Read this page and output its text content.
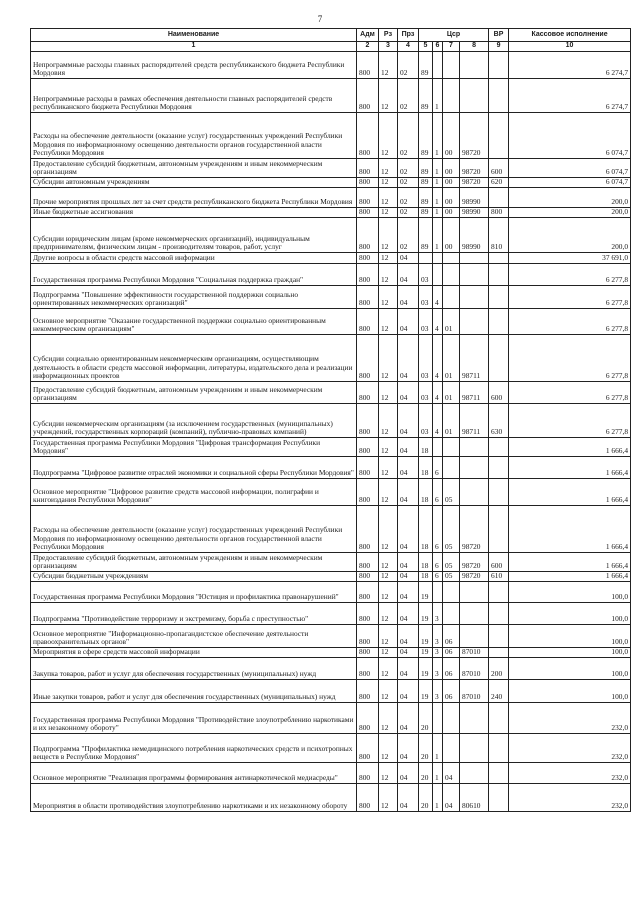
7
Наименование	Адм	Рз	Прз	Цср				ВР	Кассовое исполнение
1	2	3	4	5	6	7	8	9	10
Непрограммные расходы главных распорядителей средств республиканского бюджета Республики Мордовия	800	12	02	89					6 274,7
Непрограммные расходы в рамках обеспечения деятельности главных распорядителей средств республиканского бюджета Республики Мордовия	800	12	02	89	1				6 274,7
Расходы на обеспечение деятельности (оказание услуг) государственных учреждений Республики Мордовия по информационному освещению деятельности органов государственной власти Республики Мордовия	800	12	02	89	1	00	98720		6 074,7
Предоставление субсидий бюджетным, автономным учреждениям и иным некоммерческим организациям	800	12	02	89	1	00	98720	600	6 074,7
Субсидии автономным учреждениям	800	12	02	89	1	00	98720	620	6 074,7
Прочие мероприятия прошлых лет за счет средств республиканского бюджета Республики Мордовия	800	12	02	89	1	00	98990		200,0
Иные бюджетные ассигнования	800	12	02	89	1	00	98990	800	200,0
Субсидии юридическим лицам (кроме некоммерческих организаций), индивидуальным предпринимателям, физическим лицам - производителям товаров, работ, услуг	800	12	02	89	1	00	98990	810	200,0
Другие вопросы в области средств массовой информации	800	12	04						37 691,0
Государственная программа Республики Мордовия "Социальная поддержка граждан"	800	12	04	03					6 277,8
Подпрограмма "Повышение эффективности государственной поддержки социально ориентированных некоммерческих организаций"	800	12	04	03	4				6 277,8
Основное мероприятие "Оказание государственной поддержки социально ориентированным некоммерческим организациям"	800	12	04	03	4	01			6 277,8
Субсидии социально ориентированным некоммерческим организациям, осуществляющим деятельность в области средств массовой информации, литературы, издательского дела и реализации информационных проектов	800	12	04	03	4	01	98711		6 277,8
Предоставление субсидий бюджетным, автономным учреждениям и иным некоммерческим организациям	800	12	04	03	4	01	98711	600	6 277,8
Субсидии некоммерческим организациям (за исключением государственных (муниципальных) учреждений, государственных корпораций (компаний), публично-правовых компаний)	800	12	04	03	4	01	98711	630	6 277,8
Государственная программа Республики Мордовия "Цифровая трансформация Республики Мордовия"	800	12	04	18					1 666,4
Подпрограмма "Цифровое развитие отраслей экономики и социальной сферы Республики Мордовия"	800	12	04	18	6				1 666,4
Основное мероприятие "Цифровое развитие средств массовой информации, полиграфии и книгоиздания Республики Мордовия"	800	12	04	18	6	05			1 666,4
Расходы на обеспечение деятельности (оказание услуг) государственных учреждений Республики Мордовия по информационному освещению деятельности органов государственной власти Республики Мордовия	800	12	04	18	6	05	98720		1 666,4
Предоставление субсидий бюджетным, автономным учреждениям и иным некоммерческим организациям	800	12	04	18	6	05	98720	600	1 666,4
Субсидии бюджетным учреждениям	800	12	04	18	6	05	98720	610	1 666,4
Государственная программа Республики Мордовия "Юстиция и профилактика правонарушений"	800	12	04	19					100,0
Подпрограмма "Противодействие терроризму и экстремизму, борьба с преступностью"	800	12	04	19	3				100,0
Основное мероприятие "Информационно-пропагандистское обеспечение деятельности правоохранительных органов"	800	12	04	19	3	06			100,0
Мероприятия в сфере средств массовой информации	800	12	04	19	3	06	87010		100,0
Закупка товаров, работ и услуг для обеспечения государственных (муниципальных) нужд	800	12	04	19	3	06	87010	200	100,0
Иные закупки товаров, работ и услуг для обеспечения государственных (муниципальных) нужд	800	12	04	19	3	06	87010	240	100,0
Государственная программа Республики Мордовия "Противодействие злоупотреблению наркотиками и их незаконному обороту"	800	12	04	20					232,0
Подпрограмма "Профилактика немедицинского потребления наркотических средств и психотропных веществ в Республике Мордовия"	800	12	04	20	1				232,0
Основное мероприятие "Реализация программы формирования антинаркотической медиасреды"	800	12	04	20	1	04			232,0
Мероприятия в области противодействия злоупотреблению наркотиками и их незаконному обороту	800	12	04	20	1	04	80610		232,0
